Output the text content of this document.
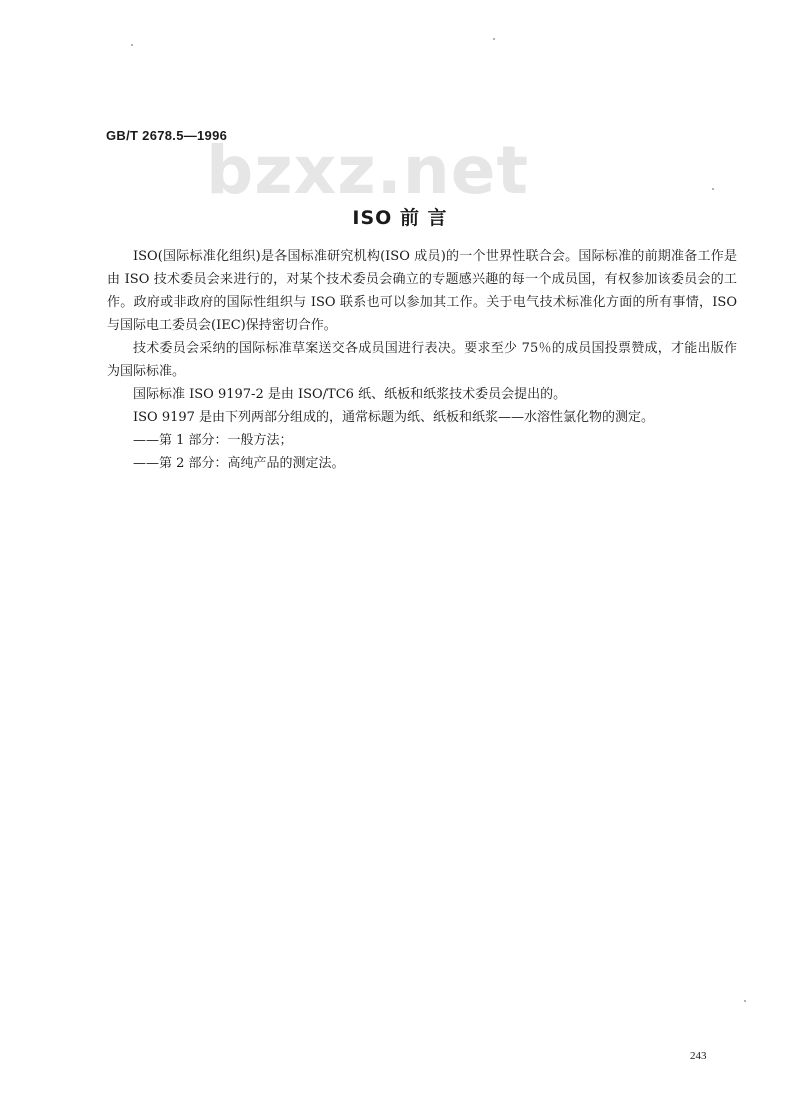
bzxz.net
GB/T 2678.5—1996
ISO 前 言

ISO(国际标准化组织)是各国标准研究机构(ISO 成员)的一个世界性联合会。国际标准的前期准备工作是由 ISO 技术委员会来进行的，对某个技术委员会确立的专题感兴趣的每一个成员国，有权参加该委员会的工作。政府或非政府的国际性组织与 ISO 联系也可以参加其工作。关于电气技术标准化方面的所有事情，ISO 与国际电工委员会(IEC)保持密切合作。

技术委员会采纳的国际标准草案送交各成员国进行表决。要求至少 75％的成员国投票赞成，才能出版作为国际标准。

国际标准 ISO 9197-2 是由 ISO/TC6 纸、纸板和纸浆技术委员会提出的。

ISO 9197 是由下列两部分组成的，通常标题为纸、纸板和纸浆——水溶性氯化物的测定。

——第 1 部分：一般方法；

——第 2 部分：高纯产品的测定法。

243
